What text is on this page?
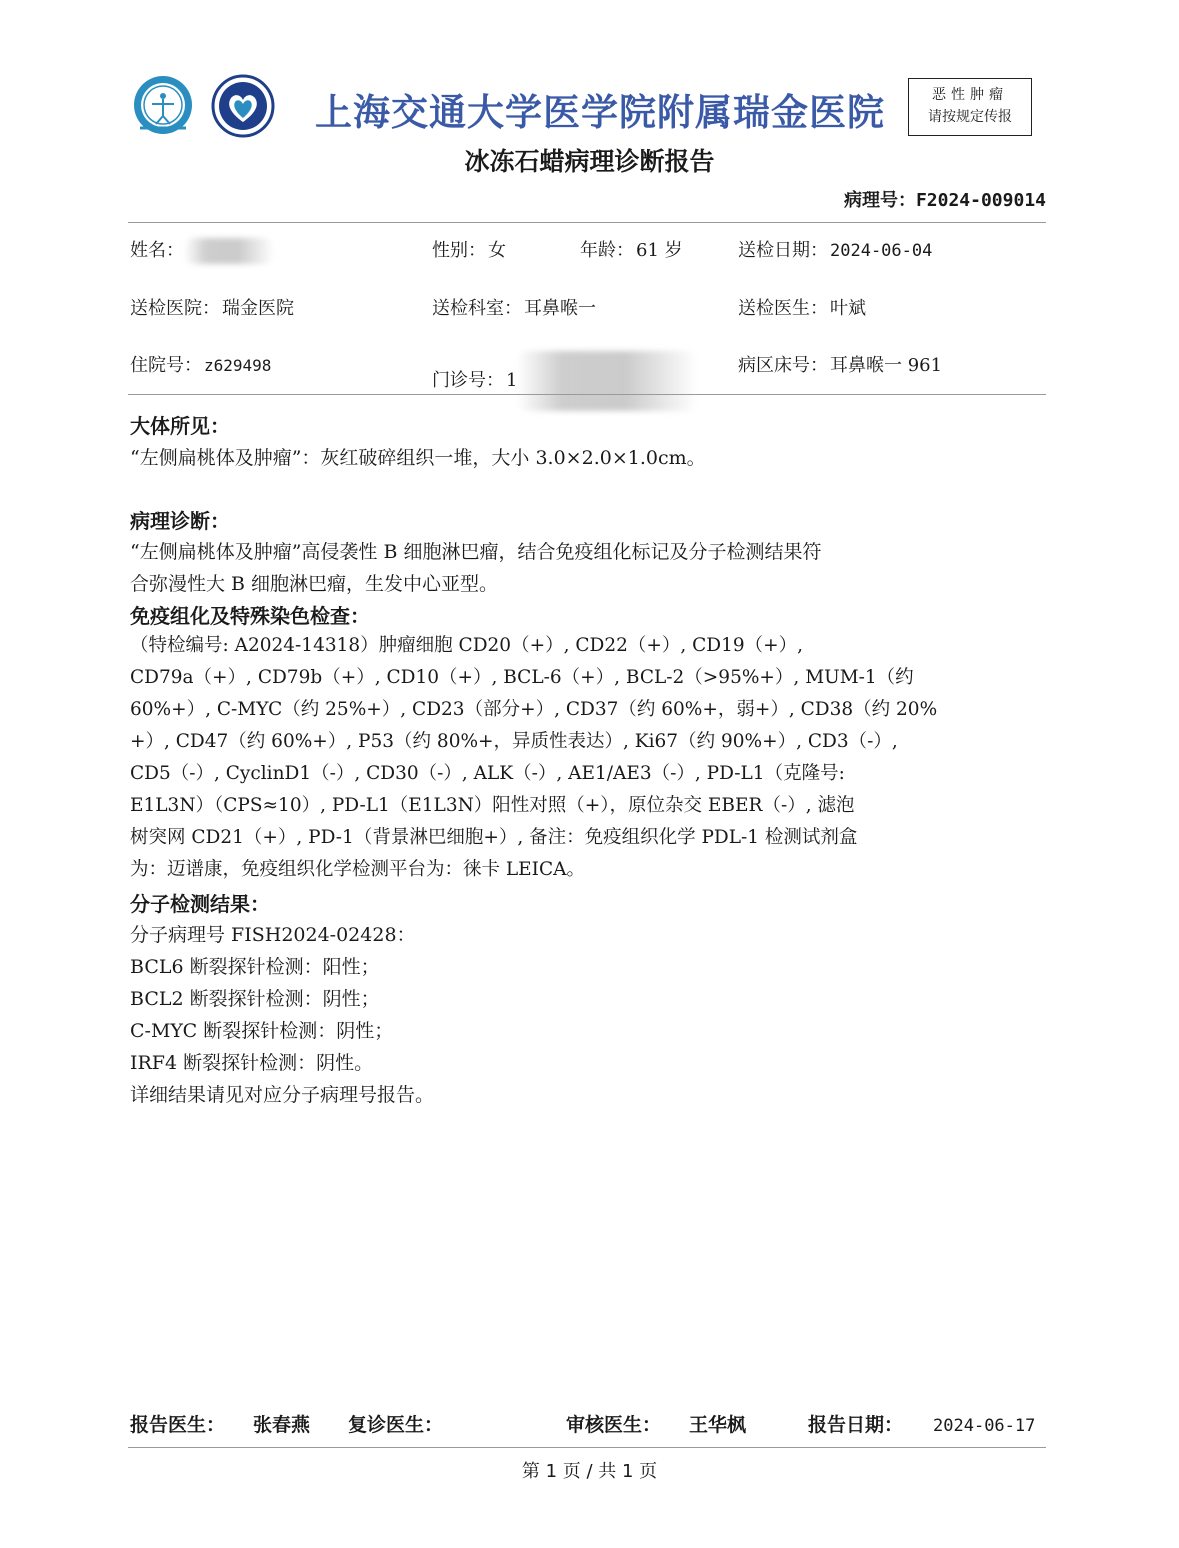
上海交通大学医学院附属瑞金医院	恶性肿瘤
请按规定传报
冰冻石蜡病理诊断报告
病理号：F2024-009014
姓名：	性别： 女	年龄： 61 岁	送检日期： 2024-06-04
送检医院： 瑞金医院	送检科室： 耳鼻喉一	送检医生： 叶斌
住院号： z629498
门诊号： 1
病区床号： 耳鼻喉一 961
大体所见：

“左侧扁桃体及肿瘤”：灰红破碎组织一堆，大小 3.0×2.0×1.0cm。

病理诊断：

“左侧扁桃体及肿瘤”高侵袭性 B 细胞淋巴瘤，结合免疫组化标记及分子检测结果符

合弥漫性大 B 细胞淋巴瘤，生发中心亚型。

免疫组化及特殊染色检查：

（特检编号: A2024-14318）肿瘤细胞 CD20（+）, CD22（+）, CD19（+）,

CD79a（+）, CD79b（+）, CD10（+）, BCL-6（+）, BCL-2（>95%+）, MUM-1（约

60%+）, C-MYC（约 25%+）, CD23（部分+）, CD37（约 60%+，弱+）, CD38（约 20%

+）, CD47（约 60%+）, P53（约 80%+，异质性表达）, Ki67（约 90%+）, CD3（-）,

CD5（-）, CyclinD1（-）, CD30（-）, ALK（-）, AE1/AE3（-）, PD-L1（克隆号:

E1L3N）（CPS≈10）, PD-L1（E1L3N）阳性对照（+），原位杂交 EBER（-）, 滤泡

树突网 CD21（+）, PD-1（背景淋巴细胞+）, 备注：免疫组织化学 PDL-1 检测试剂盒

为：迈谱康，免疫组织化学检测平台为：徕卡 LEICA。

分子检测结果：

分子病理号 FISH2024-02428：

BCL6 断裂探针检测：阳性；

BCL2 断裂探针检测：阴性；

C-MYC 断裂探针检测：阴性；

IRF4 断裂探针检测：阴性。

详细结果请见对应分子病理号报告。

报告医生： 张春燕 复诊医生：	审核医生： 王华枫	报告日期： 2024-06-17
第 1 页 / 共 1 页
